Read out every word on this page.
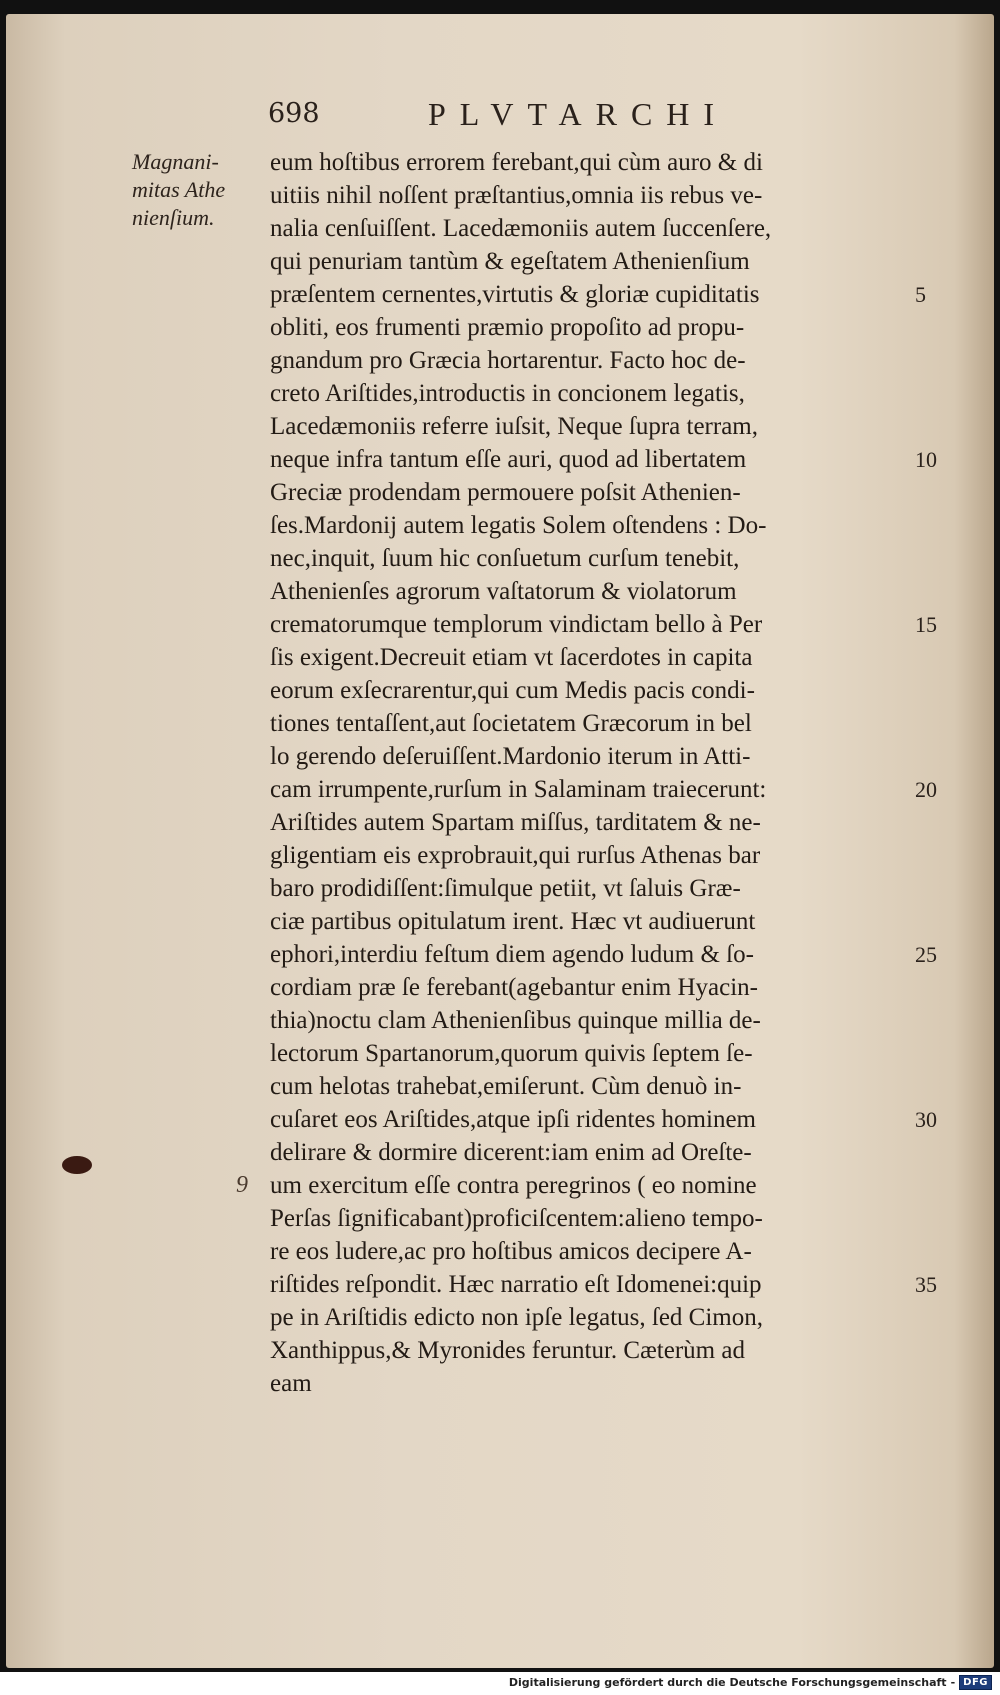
698	PLVTARCHI
Magnani-
mitas Athe
nienſium.
eum hoſtibus errorem ferebant,qui cùm auro & di
uitiis nihil noſſent præſtantius,omnia iis rebus ve-
nalia cenſuiſſent. Lacedæmoniis autem ſuccenſere,
qui penuriam tantùm & egeſtatem Athenienſium
præſentem cernentes,virtutis & gloriæ cupiditatis
obliti, eos frumenti præmio propoſito ad propu-
gnandum pro Græcia hortarentur. Facto hoc de-
creto Ariſtides,introductis in concionem legatis,
Lacedæmoniis referre iuſsit, Neque ſupra terram,
neque infra tantum eſſe auri, quod ad libertatem
Greciæ prodendam permouere poſsit Athenien-
ſes.Mardonij autem legatis Solem oſtendens : Do-
nec,inquit, ſuum hic conſuetum curſum tenebit,
Athenienſes agrorum vaſtatorum & violatorum
crematorumque templorum vindictam bello à Per
ſis exigent.Decreuit etiam vt ſacerdotes in capita
eorum exſecrarentur,qui cum Medis pacis condi-
tiones tentaſſent,aut ſocietatem Græcorum in bel
lo gerendo deſeruiſſent.Mardonio iterum in Atti-
cam irrumpente,rurſum in Salaminam traiecerunt:
Ariſtides autem Spartam miſſus, tarditatem & ne-
gligentiam eis exprobrauit,qui rurſus Athenas bar
baro prodidiſſent:ſimulque petiit, vt ſaluis Græ-
ciæ partibus opitulatum irent. Hæc vt audiuerunt
ephori,interdiu feſtum diem agendo ludum & ſo-
cordiam præ ſe ferebant(agebantur enim Hyacin-
thia)noctu clam Athenienſibus quinque millia de-
lectorum Spartanorum,quorum quivis ſeptem ſe-
cum helotas trahebat,emiſerunt. Cùm denuò in-
cuſaret eos Ariſtides,atque ipſi ridentes hominem
delirare & dormire dicerent:iam enim ad Oreſte-
um exercitum eſſe contra peregrinos ( eo nomine
Perſas ſignificabant)proficiſcentem:alieno tempo-
re eos ludere,ac pro hoſtibus amicos decipere A-
riſtides reſpondit. Hæc narratio eſt Idomenei:quip
pe in Ariſtidis edicto non ipſe legatus, ſed Cimon,
Xanthippus,& Myronides feruntur. Cæterùm ad
eam
5
10
15
20
25
30
35
9
Digitalisierung gefördert durch die Deutsche Forschungsgemeinschaft - DFG
